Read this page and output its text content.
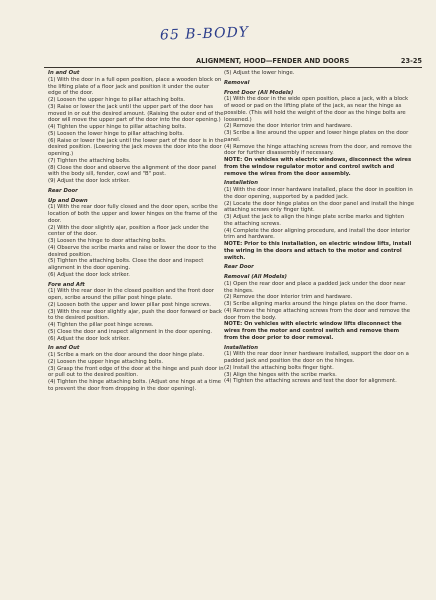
65 B-BODY
ALIGNMENT, HOOD—FENDER AND DOORS	23-25
In and Out
(1) With the door in a full open position, place a wooden block on the lifting plate of a floor jack and position it under the outer edge of the door.
(2) Loosen the upper hinge to pillar attaching bolts.
(3) Raise or lower the jack until the upper part of the door has moved in or out the desired amount. (Raising the outer end of the door will move the upper part of the door into the door opening.)
(4) Tighten the upper hinge to pillar attaching bolts.
(5) Loosen the lower hinge to pillar attaching bolts.
(6) Raise or lower the jack until the lower part of the door is in the desired position. (Lowering the jack moves the door into the door opening.)
(7) Tighten the attaching bolts.
(8) Close the door and observe the alignment of the door panel with the body sill, fender, cowl and "B" post.
(9) Adjust the door lock striker.
Rear Door
Up and Down
(1) With the rear door fully closed and the door open, scribe the location of both the upper and lower hinges on the frame of the door.
(2) With the door slightly ajar, position a floor jack under the center of the door.
(3) Loosen the hinge to door attaching bolts.
(4) Observe the scribe marks and raise or lower the door to the desired position.
(5) Tighten the attaching bolts. Close the door and inspect alignment in the door opening.
(6) Adjust the door lock striker.
Fore and Aft
(1) With the rear door in the closed position and the front door open, scribe around the pillar post hinge plate.
(2) Loosen both the upper and lower pillar post hinge screws.
(3) With the rear door slightly ajar, push the door forward or back to the desired position.
(4) Tighten the pillar post hinge screws.
(5) Close the door and inspect alignment in the door opening.
(6) Adjust the door lock striker.
In and Out
(1) Scribe a mark on the door around the door hinge plate.
(2) Loosen the upper hinge attaching bolts.
(3) Grasp the front edge of the door at the hinge and push door in or pull out to the desired position.
(4) Tighten the hinge attaching bolts. (Adjust one hinge at a time to prevent the door from dropping in the door opening).
(5) Adjust the lower hinge.
Removal
Front Door (All Models)
(1) With the door in the wide open position, place a jack, with a block of wood or pad on the lifting plate of the jack, as near the hinge as possible. (This will hold the weight of the door as the hinge bolts are loosened.)
(2) Remove the door interior trim and hardware.
(3) Scribe a line around the upper and lower hinge plates on the door panel.
(4) Remove the hinge attaching screws from the door, and remove the door for further disassembly if necessary.
NOTE: On vehicles with electric windows, disconnect the wires from the window regulator motor and control switch and remove the wires from the door assembly.
Installation
(1) With the door inner hardware installed, place the door in position in the door opening, supported by a padded jack.
(2) Locate the door hinge plates on the door panel and install the hinge attaching screws only finger tight.
(3) Adjust the jack to align the hinge plate scribe marks and tighten the attaching screws.
(4) Complete the door aligning procedure, and install the door interior trim and hardware.
NOTE: Prior to this installation, on electric window lifts, install the wiring in the doors and attach to the motor and control switch.
Rear Door
Removal (All Models)
(1) Open the rear door and place a padded jack under the door near the hinges.
(2) Remove the door interior trim and hardware.
(3) Scribe aligning marks around the hinge plates on the door frame.
(4) Remove the hinge attaching screws from the door and remove the door from the body.
NOTE: On vehicles with electric window lifts disconnect the wires from the motor and control switch and remove them from the door prior to door removal.
Installation
(1) With the rear door inner hardware installed, support the door on a padded jack and position the door on the hinges.
(2) Install the attaching bolts finger tight.
(3) Align the hinges with the scribe marks.
(4) Tighten the attaching screws and test the door for alignment.
